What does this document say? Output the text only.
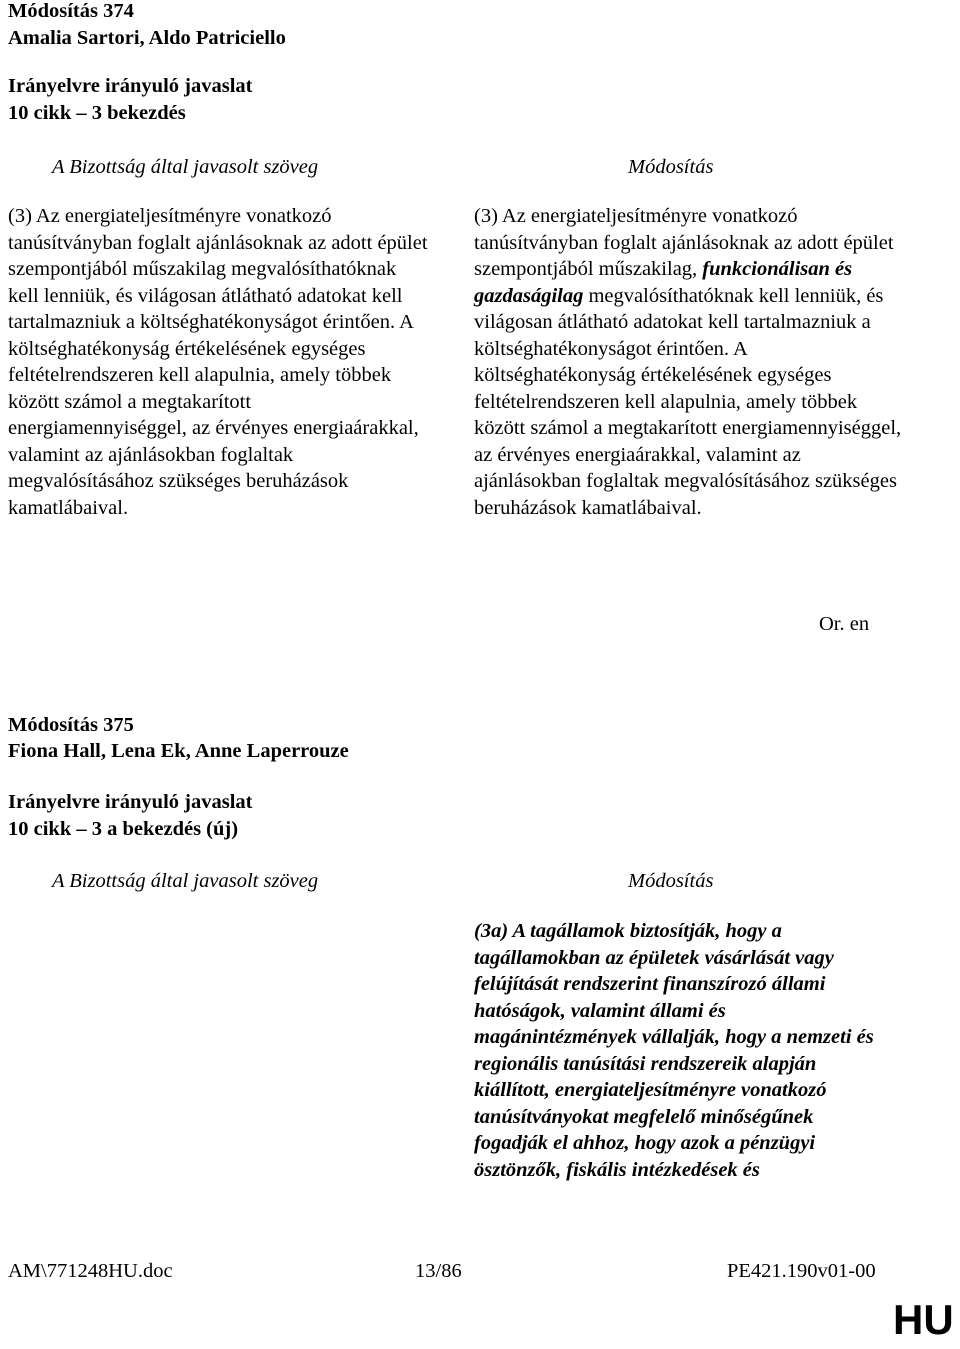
Módosítás 374
Amalia Sartori, Aldo Patriciello
Irányelvre irányuló javaslat
10 cikk – 3 bekezdés
A Bizottság által javasolt szöveg	Módosítás
(3) Az energiateljesítményre vonatkozó tanúsítványban foglalt ajánlásoknak az adott épület szempontjából műszakilag megvalósíthatóknak kell lenniük, és világosan átlátható adatokat kell tartalmazniuk a költséghatékonyságot érintően. A költséghatékonyság értékelésének egységes feltételrendszeren kell alapulnia, amely többek között számol a megtakarított energiamennyiséggel, az érvényes energiaárakkal, valamint az ajánlásokban foglaltak megvalósításához szükséges beruházások kamatlábaival.
(3) Az energiateljesítményre vonatkozó tanúsítványban foglalt ajánlásoknak az adott épület szempontjából műszakilag, funkcionálisan és gazdaságilag megvalósíthatóknak kell lenniük, és világosan átlátható adatokat kell tartalmazniuk a költséghatékonyságot érintően. A költséghatékonyság értékelésének egységes feltételrendszeren kell alapulnia, amely többek között számol a megtakarított energiamennyiséggel, az érvényes energiaárakkal, valamint az ajánlásokban foglaltak megvalósításához szükséges beruházások kamatlábaival.
Or. en
Módosítás 375
Fiona Hall, Lena Ek, Anne Laperrouze
Irányelvre irányuló javaslat
10 cikk – 3 a bekezdés (új)
A Bizottság által javasolt szöveg	Módosítás
(3a) A tagállamok biztosítják, hogy a tagállamokban az épületek vásárlását vagy felújítását rendszerint finanszírozó állami hatóságok, valamint állami és magánintézmények vállalják, hogy a nemzeti és regionális tanúsítási rendszereik alapján kiállított, energiateljesítményre vonatkozó tanúsítványokat megfelelő minőségűnek fogadják el ahhoz, hogy azok a pénzügyi ösztönzők, fiskális intézkedések és
AM\771248HU.doc	13/86	PE421.190v01-00
HU
